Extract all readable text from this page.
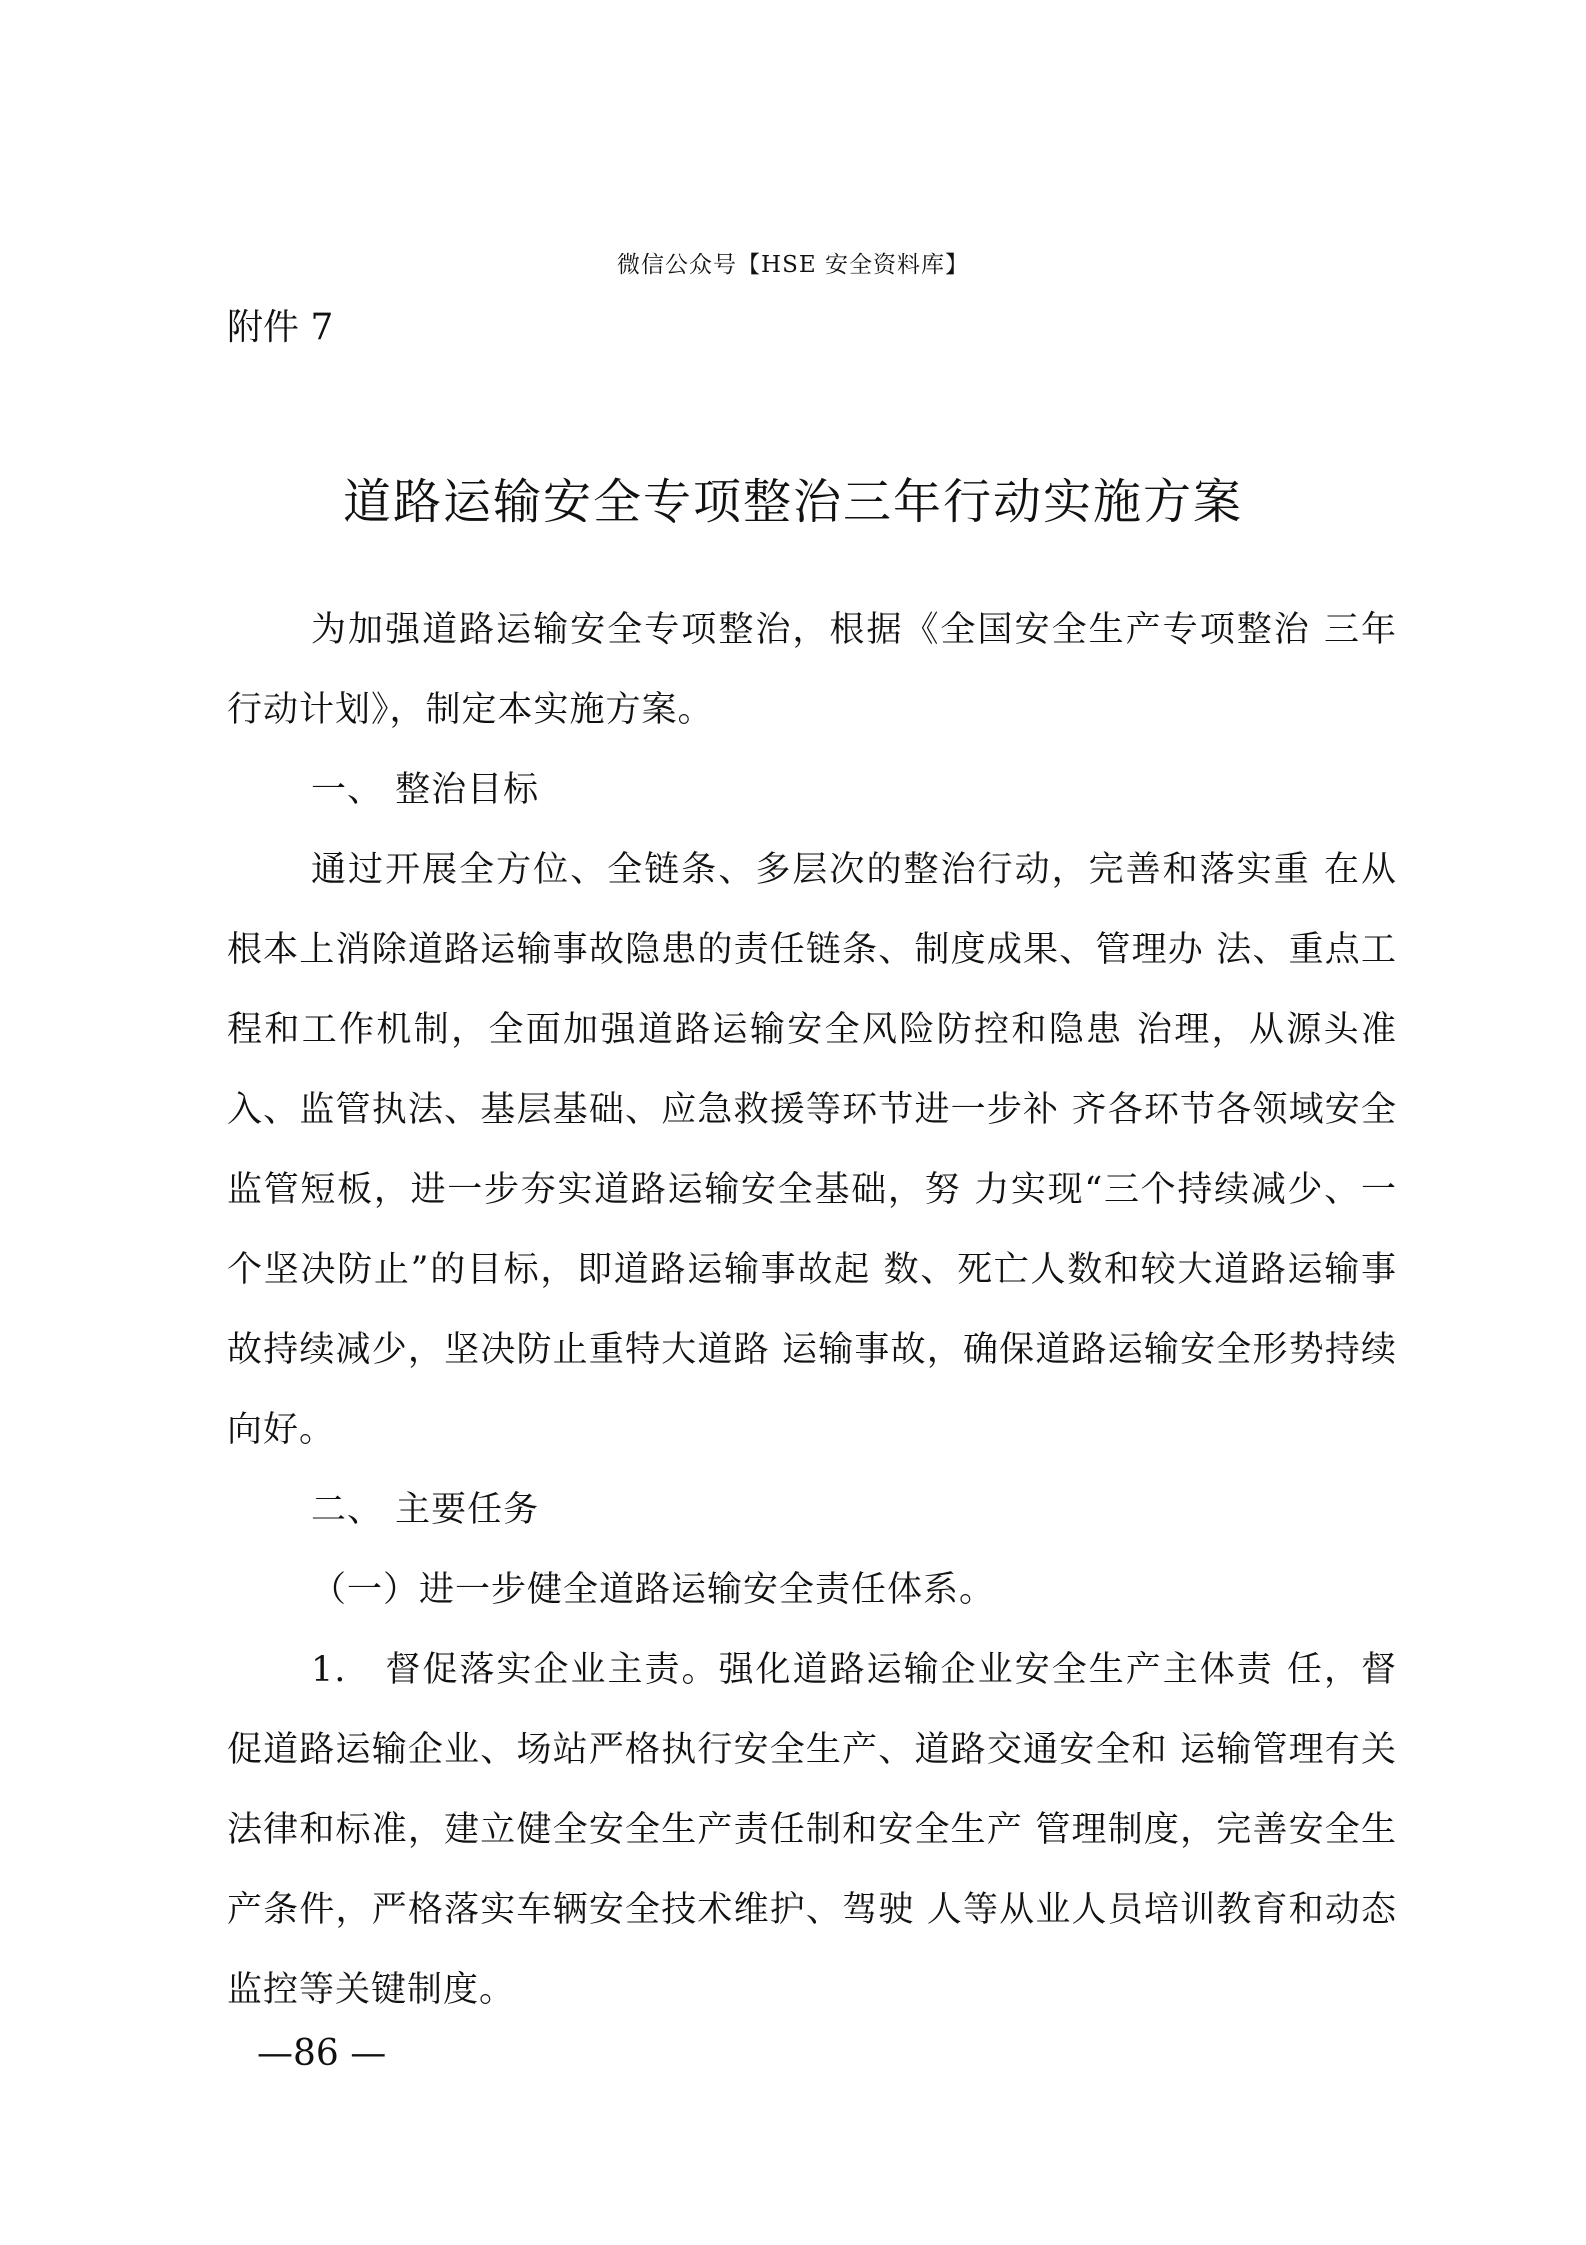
微信公众号【HSE 安全资料库】
附件 7
道路运输安全专项整治三年行动实施方案

为加强道路运输安全专项整治，根据《全国安全生产专项整治 三年行动计划》，制定本实施方案。

一、 整治目标

通过开展全方位、全链条、多层次的整治行动，完善和落实重 在从根本上消除道路运输事故隐患的责任链条、制度成果、管理办 法、重点工程和工作机制，全面加强道路运输安全风险防控和隐患 治理，从源头准入、监管执法、基层基础、应急救援等环节进一步补 齐各环节各领域安全监管短板，进一步夯实道路运输安全基础，努 力实现“三个持续减少、一个坚决防止”的目标，即道路运输事故起 数、死亡人数和较大道路运输事故持续减少，坚决防止重特大道路 运输事故，确保道路运输安全形势持续向好。

二、 主要任务

（一）进一步健全道路运输安全责任体系。

1. 督促落实企业主责。强化道路运输企业安全生产主体责 任，督促道路运输企业、场站严格执行安全生产、道路交通安全和 运输管理有关法律和标准，建立健全安全生产责任制和安全生产 管理制度，完善安全生产条件，严格落实车辆安全技术维护、驾驶 人等从业人员培训教育和动态监控等关键制度。

—86 —
